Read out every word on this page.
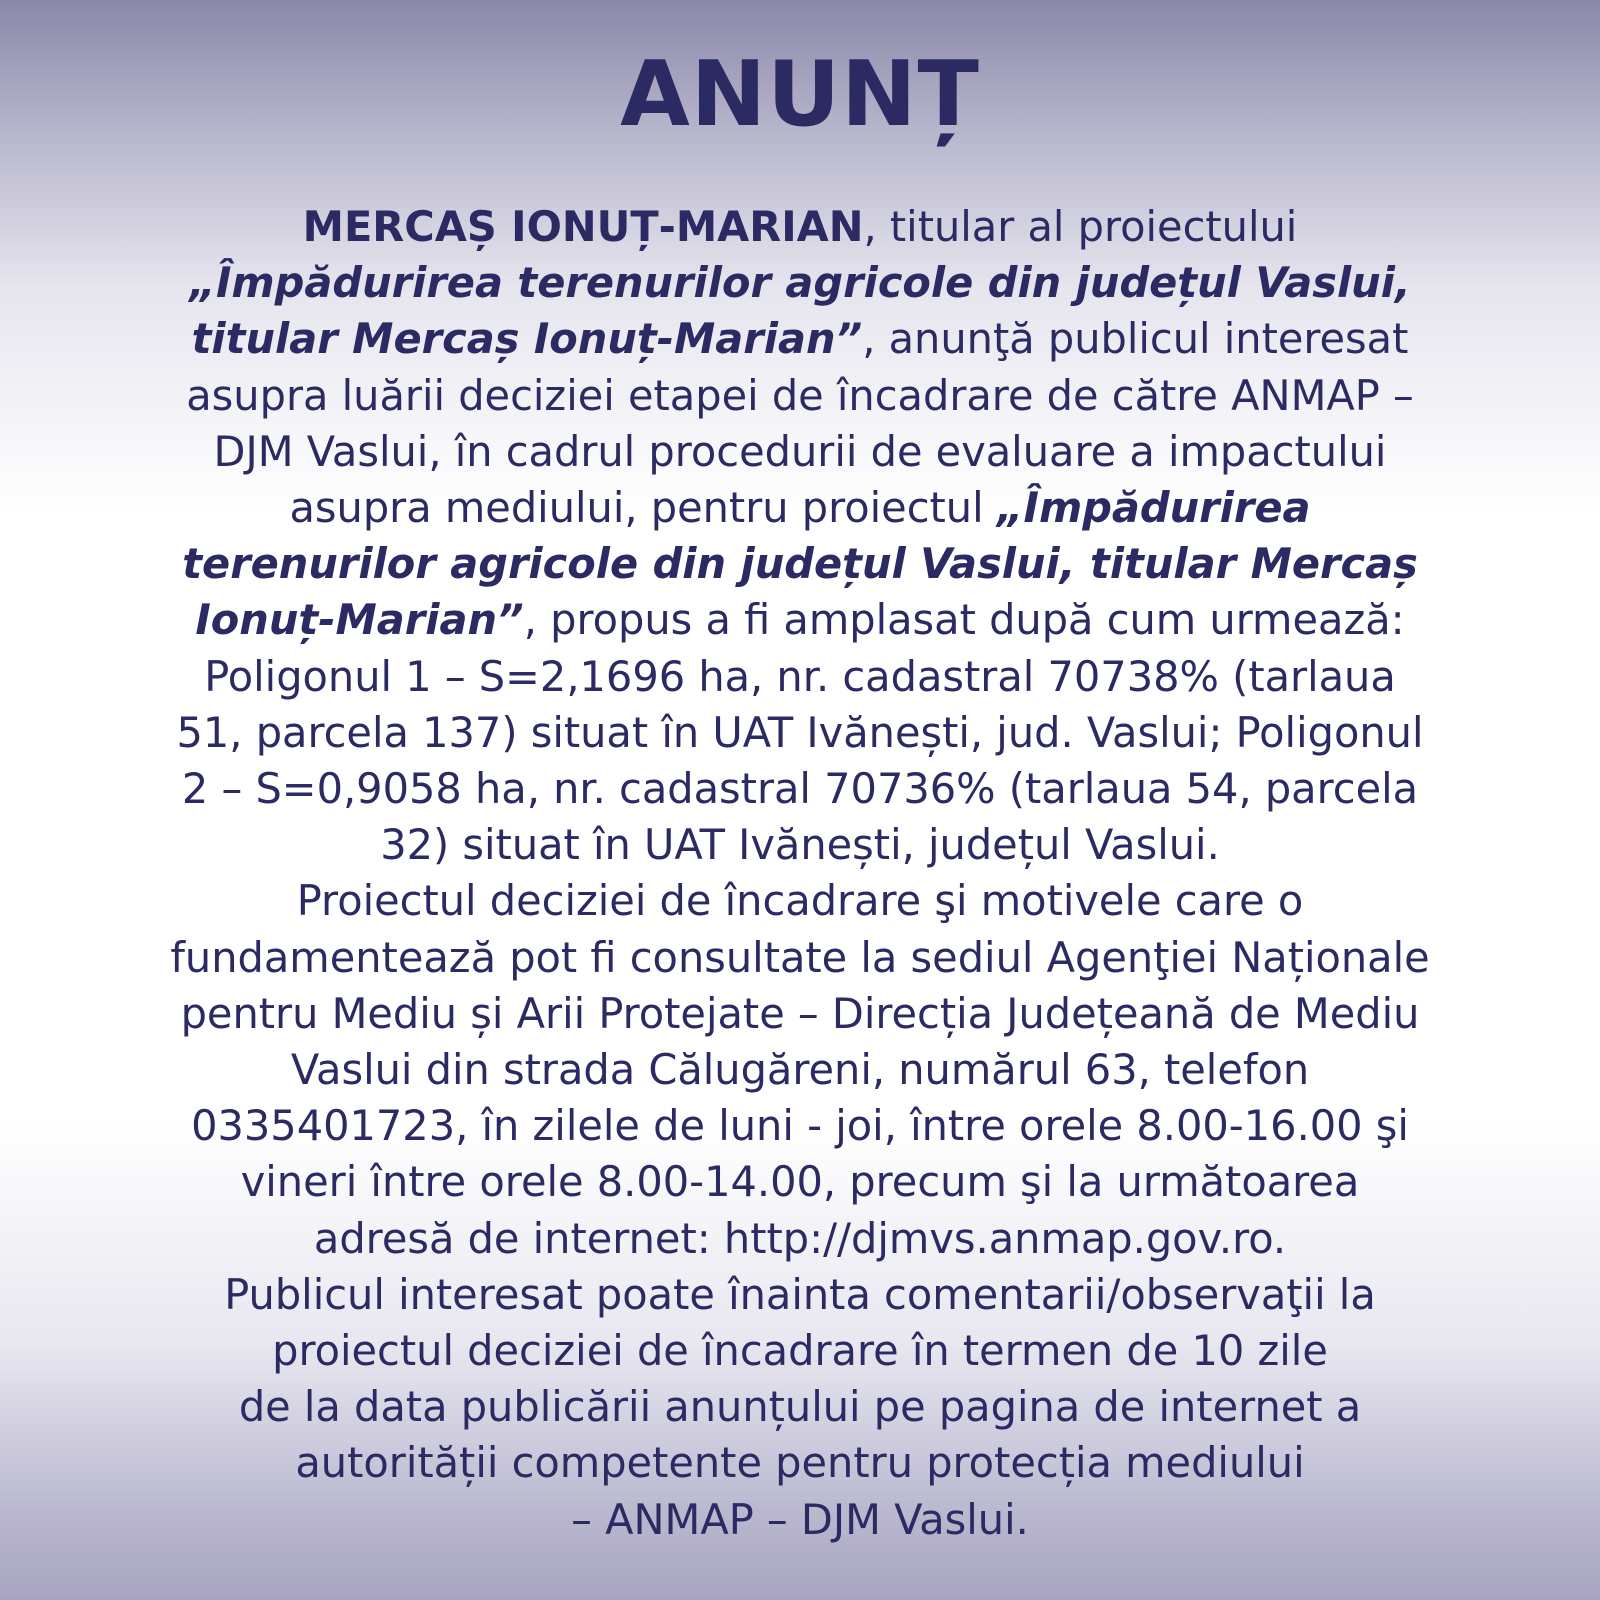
ANUNȚ
MERCAȘ IONUȚ-MARIAN, titular al proiectului
„Împădurirea terenurilor agricole din județul Vaslui,
titular Mercaș Ionuț-Marian”, anunţă publicul interesat
asupra luării deciziei etapei de încadrare de către ANMAP –
DJM Vaslui, în cadrul procedurii de evaluare a impactului
asupra mediului, pentru proiectul „Împădurirea
terenurilor agricole din județul Vaslui, titular Mercaș
Ionuț-Marian”, propus a fi amplasat după cum urmează:
Poligonul 1 – S=2,1696 ha, nr. cadastral 70738% (tarlaua
51, parcela 137) situat în UAT Ivănești, jud. Vaslui; Poligonul
2 – S=0,9058 ha, nr. cadastral 70736% (tarlaua 54, parcela
32) situat în UAT Ivănești, județul Vaslui.
Proiectul deciziei de încadrare şi motivele care o
fundamentează pot fi consultate la sediul Agenţiei Naționale
pentru Mediu și Arii Protejate – Direcția Județeană de Mediu
Vaslui din strada Călugăreni, numărul 63, telefon
0335401723, în zilele de luni - joi, între orele 8.00-16.00 şi
vineri între orele 8.00-14.00, precum şi la următoarea
adresă de internet: http://djmvs.anmap.gov.ro.
Publicul interesat poate înainta comentarii/observaţii la
proiectul deciziei de încadrare în termen de 10 zile
de la data publicării anunțului pe pagina de internet a
autorității competente pentru protecția mediului
– ANMAP – DJM Vaslui.
